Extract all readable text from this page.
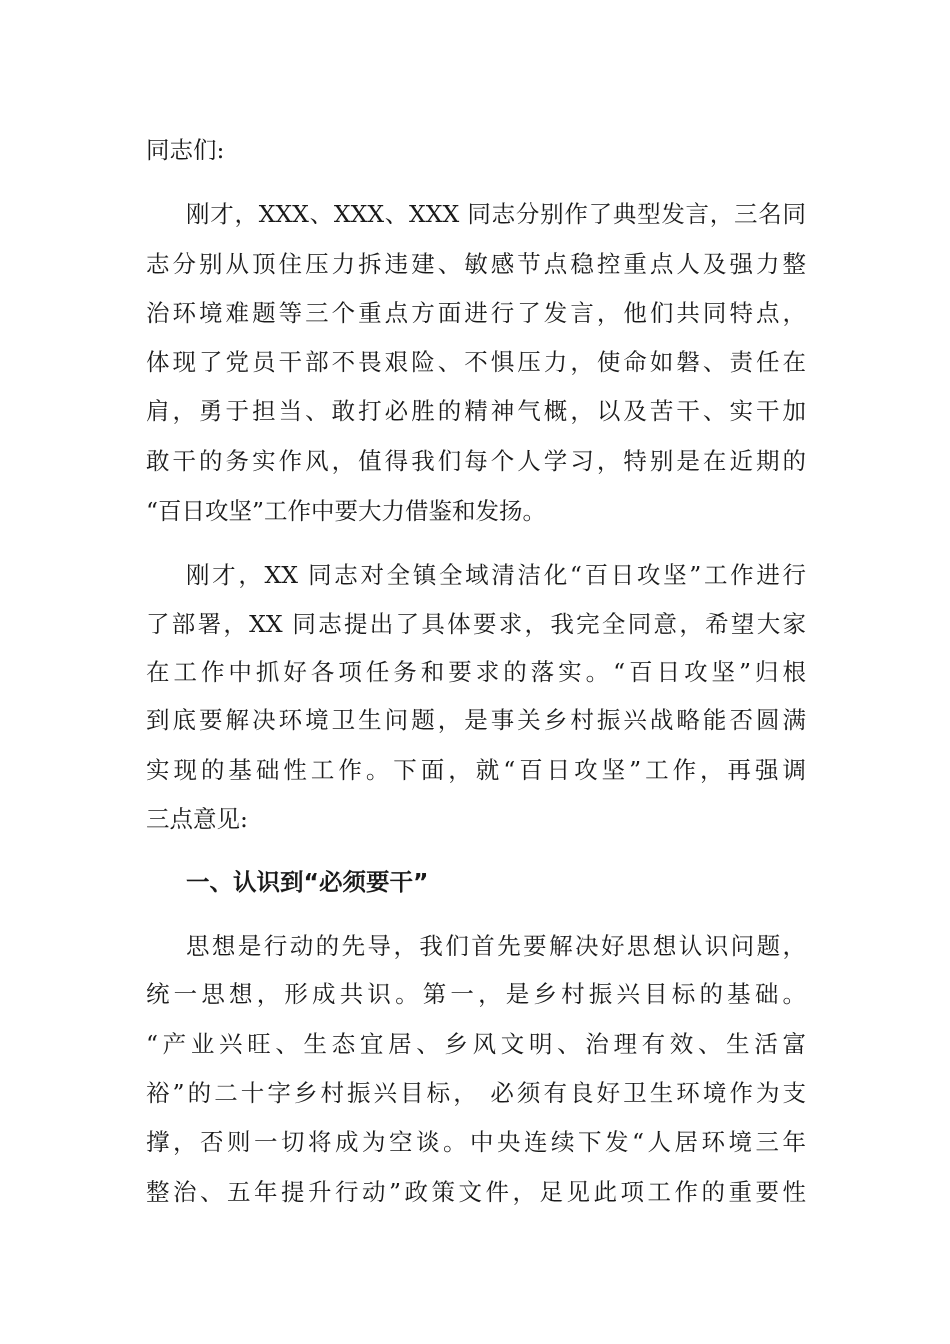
同志们:

刚才，XXX、XXX、XXX 同志分别作了典型发言，三名同

志分别从顶住压力拆违建、敏感节点稳控重点人及强力整

治环境难题等三个重点方面进行了发言，他们共同特点，

体现了党员干部不畏艰险、不惧压力，使命如磐、责任在

肩，勇于担当、敢打必胜的精神气概，以及苦干、实干加

敢干的务实作风，值得我们每个人学习，特别是在近期的

“百日攻坚”工作中要大力借鉴和发扬。

刚才，XX 同志对全镇全域清洁化“百日攻坚”工作进行

了部署，XX 同志提出了具体要求，我完全同意，希望大家

在工作中抓好各项任务和要求的落实。“百日攻坚”归根

到底要解决环境卫生问题，是事关乡村振兴战略能否圆满

实现的基础性工作。下面，就“百日攻坚”工作，再强调

三点意见:

一、认识到“必须要干”

思想是行动的先导，我们首先要解决好思想认识问题，

统一思想，形成共识。第一，是乡村振兴目标的基础。

“产业兴旺、生态宜居、乡风文明、治理有效、生活富

裕”的二十字乡村振兴目标， 必须有良好卫生环境作为支

撑，否则一切将成为空谈。中央连续下发“人居环境三年

整治、五年提升行动”政策文件，足见此项工作的重要性
